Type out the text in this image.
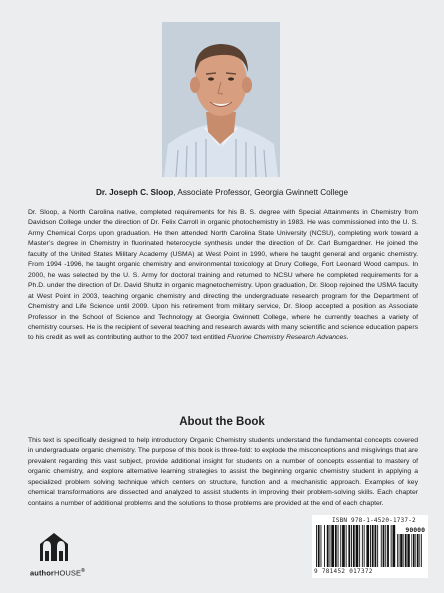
Dr. Joseph C. Sloop, Associate Professor, Georgia Gwinnett College

Dr. Sloop, a North Carolina native, completed requirements for his B. S. degree with Special Attainments in Chemistry from Davidson College under the direction of Dr. Felix Carroll in organic photochemistry in 1983. He was commissioned into the U. S. Army Chemical Corps upon graduation. He then attended North Carolina State University (NCSU), completing work toward a Master’s degree in Chemistry in fluorinated heterocycle synthesis under the direction of Dr. Carl Bumgardner. He joined the faculty of the United States Military Academy (USMA) at West Point in 1990, where he taught general and organic chemistry. From 1994 -1996, he taught organic chemistry and environmental toxicology at Drury College, Fort Leonard Wood campus. In 2000, he was selected by the U. S. Army for doctoral training and returned to NCSU where he completed requirements for a Ph.D. under the direction of Dr. David Shultz in organic magnetochemistry. Upon graduation, Dr. Sloop rejoined the USMA faculty at West Point in 2003, teaching organic chemistry and directing the undergraduate research program for the Department of Chemistry and Life Science until 2009. Upon his retirement from military service, Dr. Sloop accepted a position as Associate Professor in the School of Science and Technology at Georgia Gwinnett College, where he currently teaches a variety of chemistry courses. He is the recipient of several teaching and research awards with many scientific and science education papers to his credit as well as contributing author to the 2007 text entitled Fluorine Chemistry Research Advances.

About the Book

This text is specifically designed to help introductory Organic Chemistry students understand the fundamental concepts covered in undergraduate organic chemistry. The purpose of this book is three-fold: to explode the misconceptions and misgivings that are prevalent regarding this vast subject, provide additional insight for students on a number of concepts essential to mastery of organic chemistry, and explore alternative learning strategies to assist the beginning organic chemistry student in applying a specialized problem solving technique which centers on structure, function and a mechanistic approach. Examples of key chemical transformations are dissected and analyzed to assist students in improving their problem-solving skills. Each chapter contains a number of additional problems and the solutions to those problems are provided at the end of each chapter.

authorHOUSE®
ISBN 978-1-4520-1737-2
90000
9 781452 017372
